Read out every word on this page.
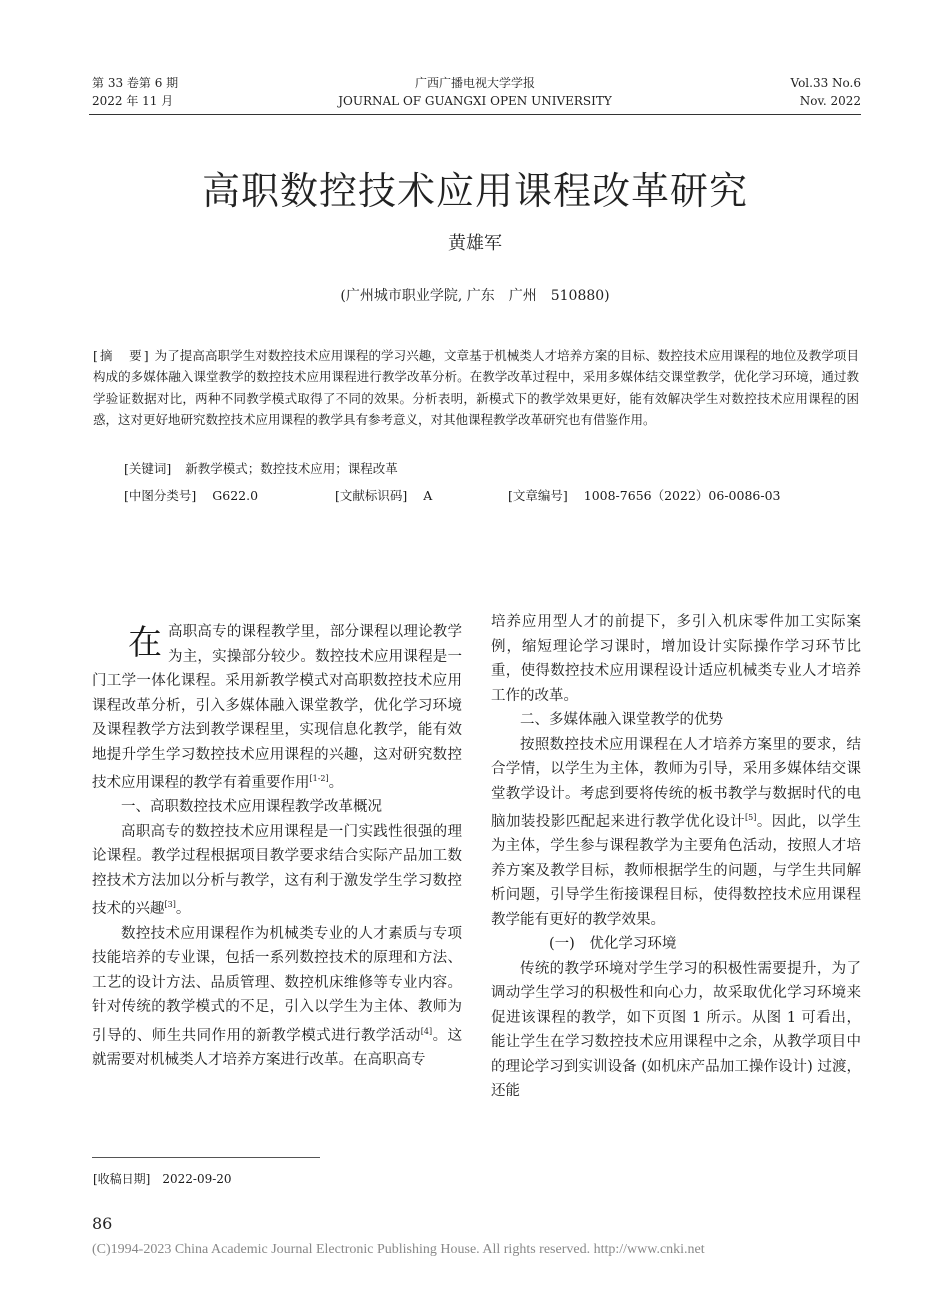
第 33 卷第 6 期
2022 年 11 月
广西广播电视大学学报
JOURNAL OF GUANGXI OPEN UNIVERSITY
Vol.33 No.6
Nov. 2022
高职数控技术应用课程改革研究
黄雄军
(广州城市职业学院, 广东　广州　510880)
[摘　要] 为了提高高职学生对数控技术应用课程的学习兴趣，文章基于机械类人才培养方案的目标、数控技术应用课程的地位及教学项目构成的多媒体融入课堂教学的数控技术应用课程进行教学改革分析。在教学改革过程中，采用多媒体结交课堂教学，优化学习环境，通过教学验证数据对比，两种不同教学模式取得了不同的效果。分析表明，新模式下的教学效果更好，能有效解决学生对数控技术应用课程的困惑，这对更好地研究数控技术应用课程的教学具有参考意义，对其他课程教学改革研究也有借鉴作用。
[关键词] 新教学模式；数控技术应用；课程改革
[中图分类号] G622.0	[文献标识码] A	[文章编号] 1008-7656（2022）06-0086-03

在高职高专的课程教学里，部分课程以理论教学为主，实操部分较少。数控技术应用课程是一门工学一体化课程。采用新教学模式对高职数控技术应用课程改革分析，引入多媒体融入课堂教学，优化学习环境及课程教学方法到教学课程里，实现信息化教学，能有效地提升学生学习数控技术应用课程的兴趣，这对研究数控技术应用课程的教学有着重要作用[1-2]。

一、高职数控技术应用课程教学改革概况

高职高专的数控技术应用课程是一门实践性很强的理论课程。教学过程根据项目教学要求结合实际产品加工数控技术方法加以分析与教学，这有利于激发学生学习数控技术的兴趣[3]。

数控技术应用课程作为机械类专业的人才素质与专项技能培养的专业课，包括一系列数控技术的原理和方法、工艺的设计方法、品质管理、数控机床维修等专业内容。针对传统的教学模式的不足，引入以学生为主体、教师为引导的、师生共同作用的新教学模式进行教学活动[4]。这就需要对机械类人才培养方案进行改革。在高职高专

培养应用型人才的前提下，多引入机床零件加工实际案例，缩短理论学习课时，增加设计实际操作学习环节比重，使得数控技术应用课程设计适应机械类专业人才培养工作的改革。

二、多媒体融入课堂教学的优势

按照数控技术应用课程在人才培养方案里的要求，结合学情，以学生为主体，教师为引导，采用多媒体结交课堂教学设计。考虑到要将传统的板书教学与数据时代的电脑加装投影匹配起来进行教学优化设计[5]。因此，以学生为主体，学生参与课程教学为主要角色活动，按照人才培养方案及教学目标，教师根据学生的问题，与学生共同解析问题，引导学生衔接课程目标，使得数控技术应用课程教学能有更好的教学效果。

(一)　优化学习环境

传统的教学环境对学生学习的积极性需要提升，为了调动学生学习的积极性和向心力，故采取优化学习环境来促进该课程的教学，如下页图 1 所示。从图 1 可看出，能让学生在学习数控技术应用课程中之余，从教学项目中的理论学习到实训设备 (如机床产品加工操作设计) 过渡，还能

[收稿日期]　2022-09-20
86
(C)1994-2023 China Academic Journal Electronic Publishing House. All rights reserved. http://www.cnki.net
